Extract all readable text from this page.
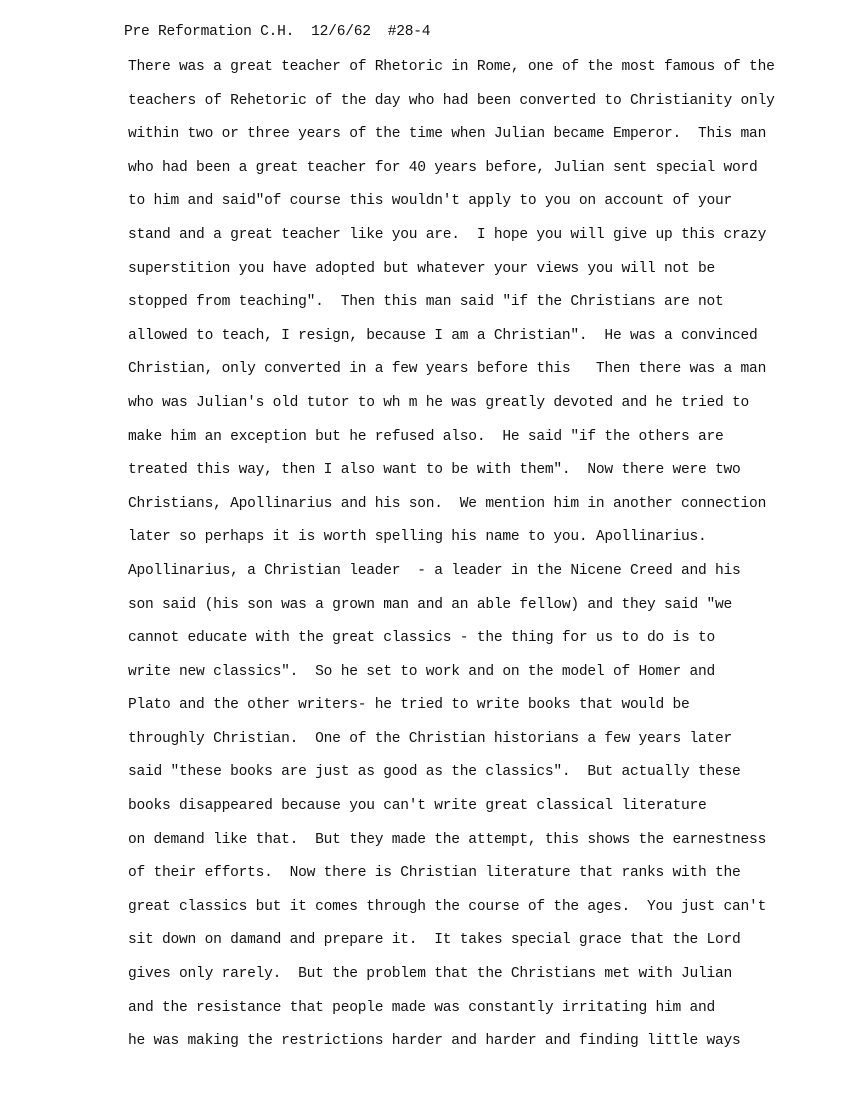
Pre Reformation C.H.  12/6/62  #28-4
There was a great teacher of Rhetoric in Rome, one of the most famous of the
teachers of Rehetoric of the day who had been converted to Christianity only
within two or three years of the time when Julian became Emperor.  This man
who had been a great teacher for 40 years before, Julian sent special word
to him and said"of course this wouldn't apply to you on account of your
stand and a great teacher like you are.  I hope you will give up this crazy
superstition you have adopted but whatever your views you will not be
stopped from teaching".  Then this man said "if the Christians are not
allowed to teach, I resign, because I am a Christian".  He was a convinced
Christian, only converted in a few years before this   Then there was a man
who was Julian's old tutor to wh m he was greatly devoted and he tried to
make him an exception but he refused also.  He said "if the others are
treated this way, then I also want to be with them".  Now there were two
Christians, Apollinarius and his son.  We mention him in another connection
later so perhaps it is worth spelling his name to you. Apollinarius.
Apollinarius, a Christian leader  - a leader in the Nicene Creed and his
son said (his son was a grown man and an able fellow) and they said "we
cannot educate with the great classics - the thing for us to do is to
write new classics".  So he set to work and on the model of Homer and
Plato and the other writers- he tried to write books that would be
throughly Christian.  One of the Christian historians a few years later
said "these books are just as good as the classics".  But actually these
books disappeared because you can't write great classical literature
on demand like that.  But they made the attempt, this shows the earnestness
of their efforts.  Now there is Christian literature that ranks with the
great classics but it comes through the course of the ages.  You just can't
sit down on damand and prepare it.  It takes special grace that the Lord
gives only rarely.  But the problem that the Christians met with Julian
and the resistance that people made was constantly irritating him and
he was making the restrictions harder and harder and finding little ways
